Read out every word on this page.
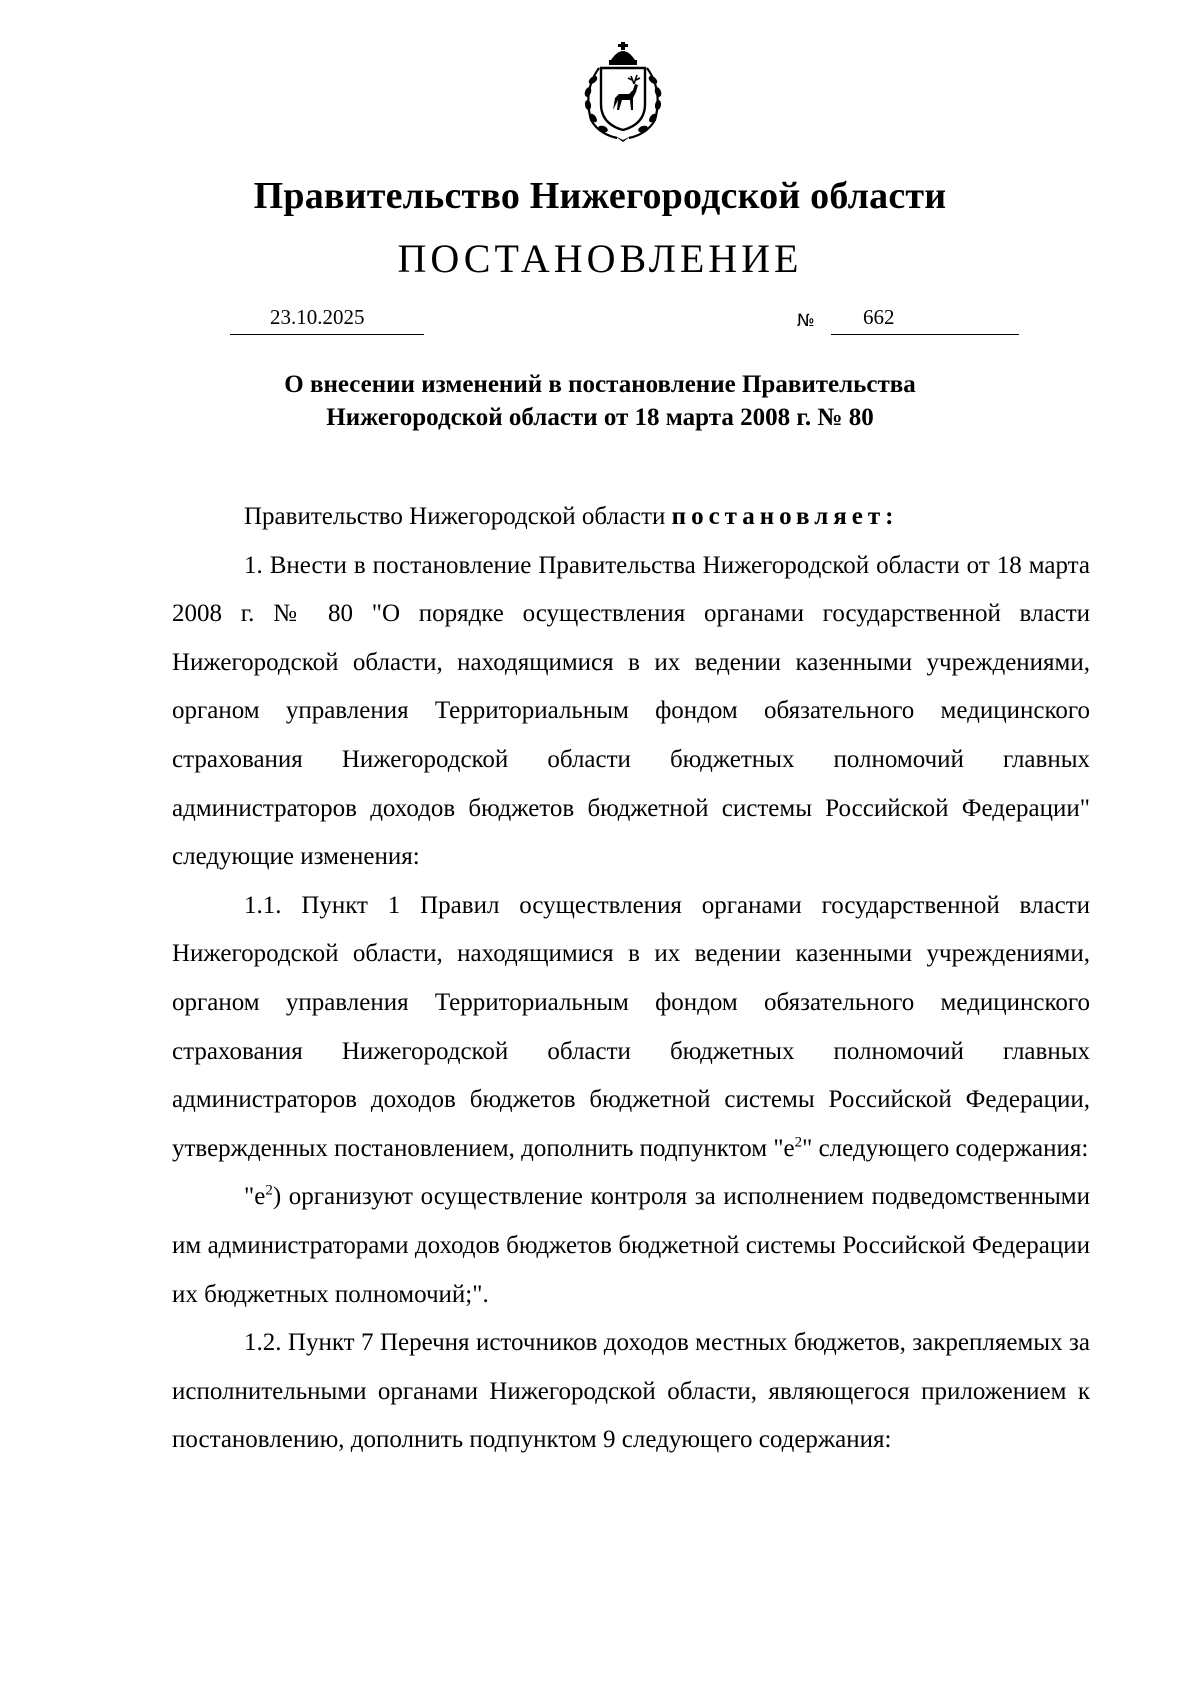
Правительство Нижегородской области
ПОСТАНОВЛЕНИЕ
23.10.2025	№ 662
О внесении изменений в постановление Правительства
Нижегородской области от 18 марта 2008 г. № 80

Правительство Нижегородской области постановляет:

1. Внести в постановление Правительства Нижегородской области от 18 марта 2008 г. № 80 "О порядке осуществления органами государственной власти Нижегородской области, находящимися в их ведении казенными учреждениями, органом управления Территориальным фондом обязательного медицинского страхования Нижегородской области бюджетных полномочий главных администраторов доходов бюджетов бюджетной системы Российской Федерации" следующие изменения:

1.1. Пункт 1 Правил осуществления органами государственной власти Нижегородской области, находящимися в их ведении казенными учреждениями, органом управления Территориальным фондом обязательного медицинского страхования Нижегородской области бюджетных полномочий главных администраторов доходов бюджетов бюджетной системы Российской Федерации, утвержденных постановлением, дополнить подпунктом "$е^2$" следующего содержания:

"$е^2$) организуют осуществление контроля за исполнением подведомственными им администраторами доходов бюджетов бюджетной системы Российской Федерации их бюджетных полномочий;".

1.2. Пункт 7 Перечня источников доходов местных бюджетов, закрепляемых за исполнительными органами Нижегородской области, являющегося приложением к постановлению, дополнить подпунктом 9 следующего содержания:
